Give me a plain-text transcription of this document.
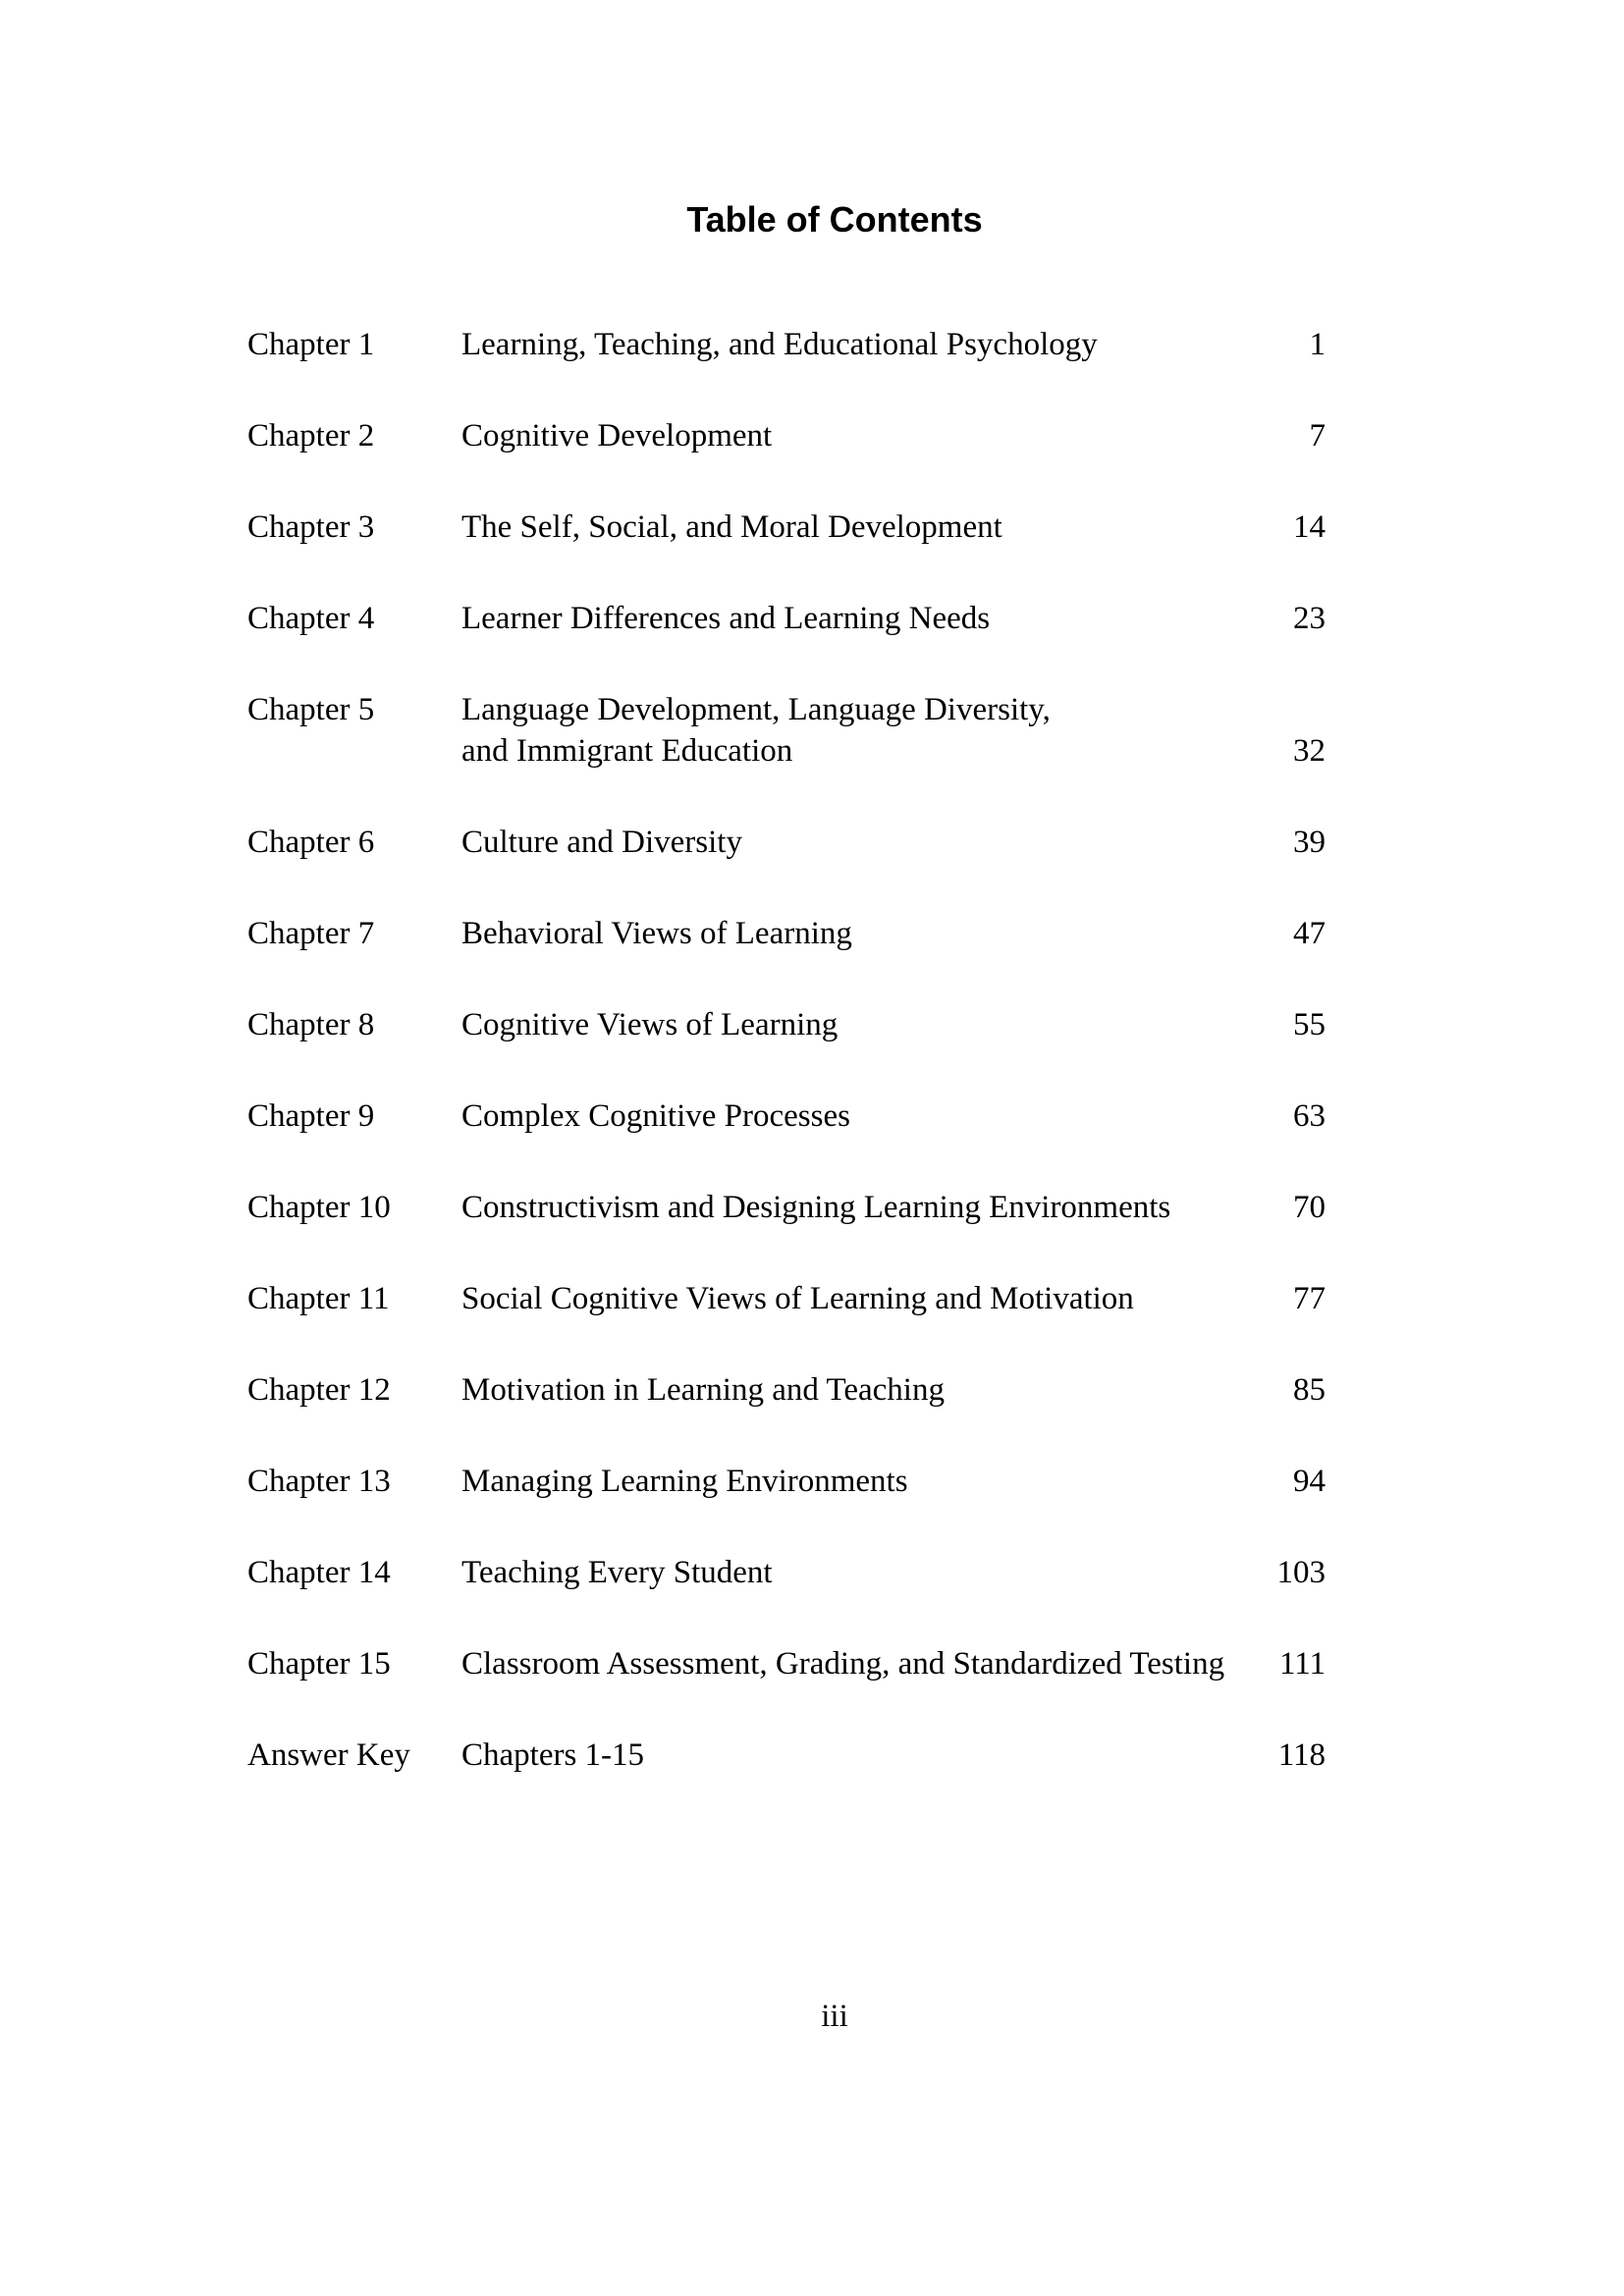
Table of Contents
Chapter 1	Learning, Teaching, and Educational Psychology	1
Chapter 2	Cognitive Development	7
Chapter 3	The Self, Social, and Moral Development	14
Chapter 4	Learner Differences and Learning Needs	23
Chapter 5	Language Development, Language Diversity,
and Immigrant Education	32
Chapter 6	Culture and Diversity	39
Chapter 7	Behavioral Views of Learning	47
Chapter 8	Cognitive Views of Learning	55
Chapter 9	Complex Cognitive Processes	63
Chapter 10	Constructivism and Designing Learning Environments	70
Chapter 11	Social Cognitive Views of Learning and Motivation	77
Chapter 12	Motivation in Learning and Teaching	85
Chapter 13	Managing Learning Environments	94
Chapter 14	Teaching Every Student	103
Chapter 15	Classroom Assessment, Grading, and Standardized Testing	111
Answer Key	Chapters 1-15	118
iii
